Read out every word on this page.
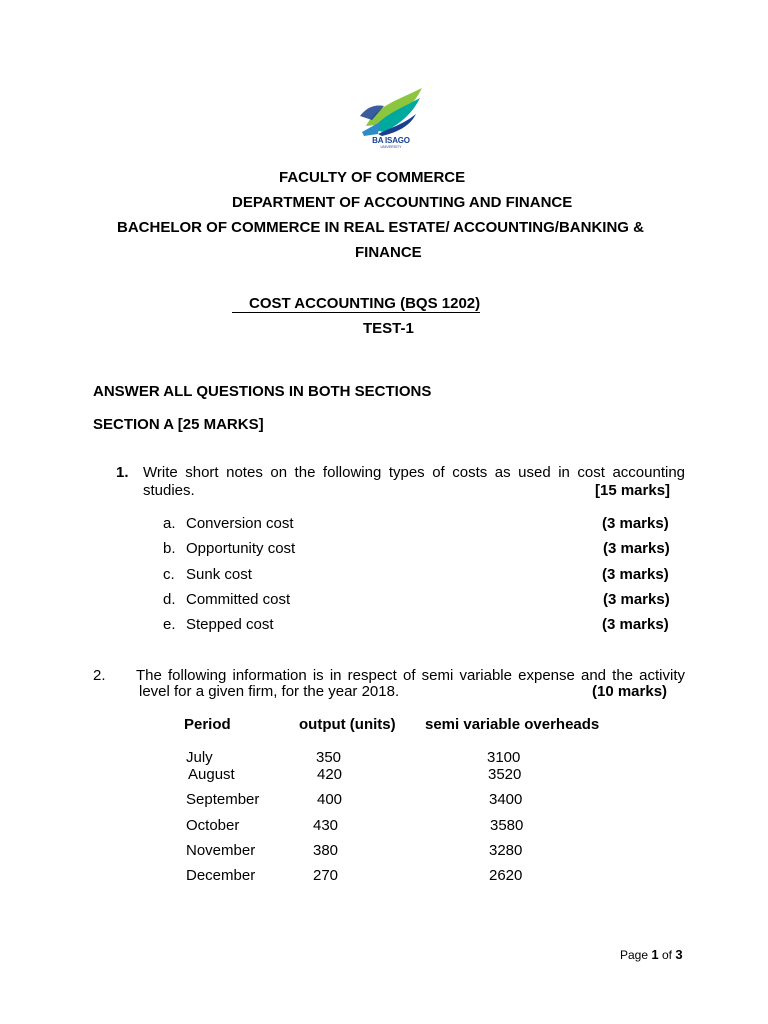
BA ISAGO
UNIVERSITY
FACULTY OF COMMERCE
DEPARTMENT OF ACCOUNTING AND FINANCE
BACHELOR OF COMMERCE IN REAL ESTATE/ ACCOUNTING/BANKING &
FINANCE
COST ACCOUNTING (BQS 1202)
TEST-1
ANSWER ALL QUESTIONS IN BOTH SECTIONS
SECTION A [25 MARKS]
1. Write short notes on the following types of costs as used in cost accounting
studies.	[15 marks]
a. Conversion cost	(3 marks)
b. Opportunity cost	(3 marks)
c. Sunk cost	(3 marks)
d. Committed cost	(3 marks)
e. Stepped cost	(3 marks)
2. The following information is in respect of semi variable expense and the activity
level for a given firm, for the year 2018.	(10 marks)
Period	output (units) semi variable overheads
July	350	3100
August	420	3520
September	400	3400
October	430	3580
November	380	3280
December	270	2620
Page 1 of 3
